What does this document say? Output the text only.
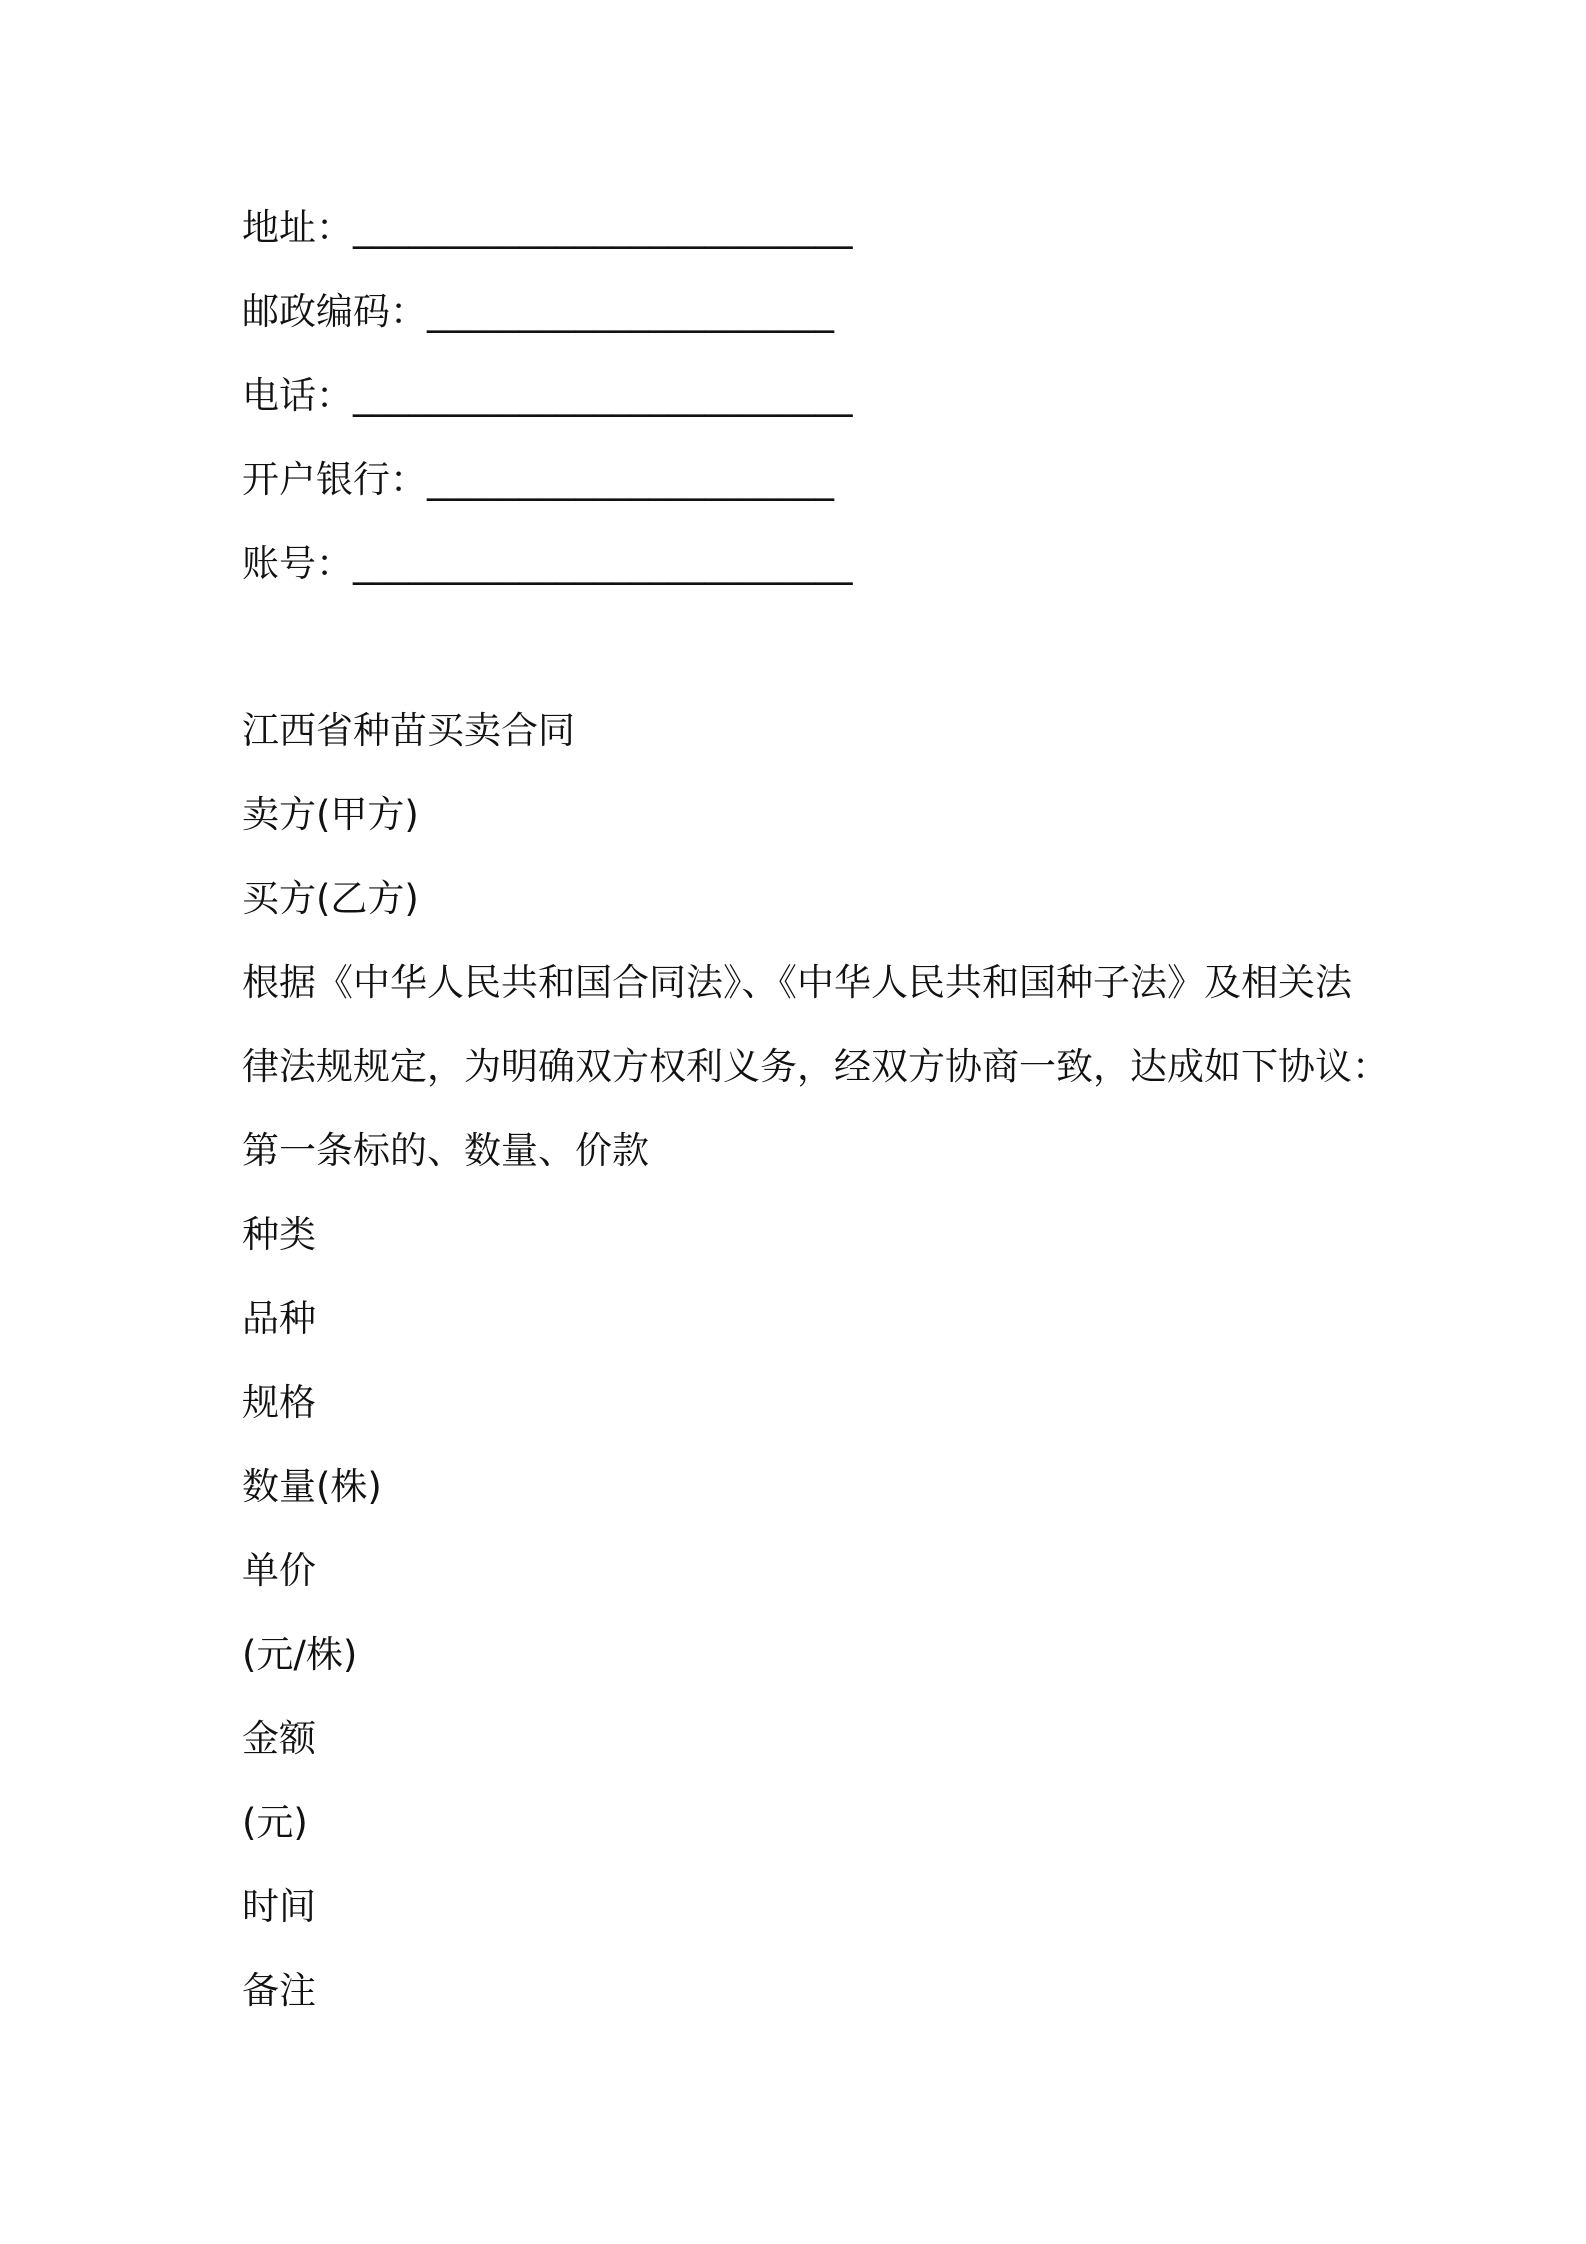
地址：___________________________
邮政编码：______________________
电话：___________________________
开户银行：______________________
账号：___________________________
江西省种苗买卖合同
卖方(甲方)
买方(乙方)
根据《中华人民共和国合同法》、《中华人民共和国种子法》及相关法
律法规规定，为明确双方权利义务，经双方协商一致，达成如下协议：
第一条标的、数量、价款
种类
品种
规格
数量(株)
单价
(元/株)
金额
(元)
时间
备注
